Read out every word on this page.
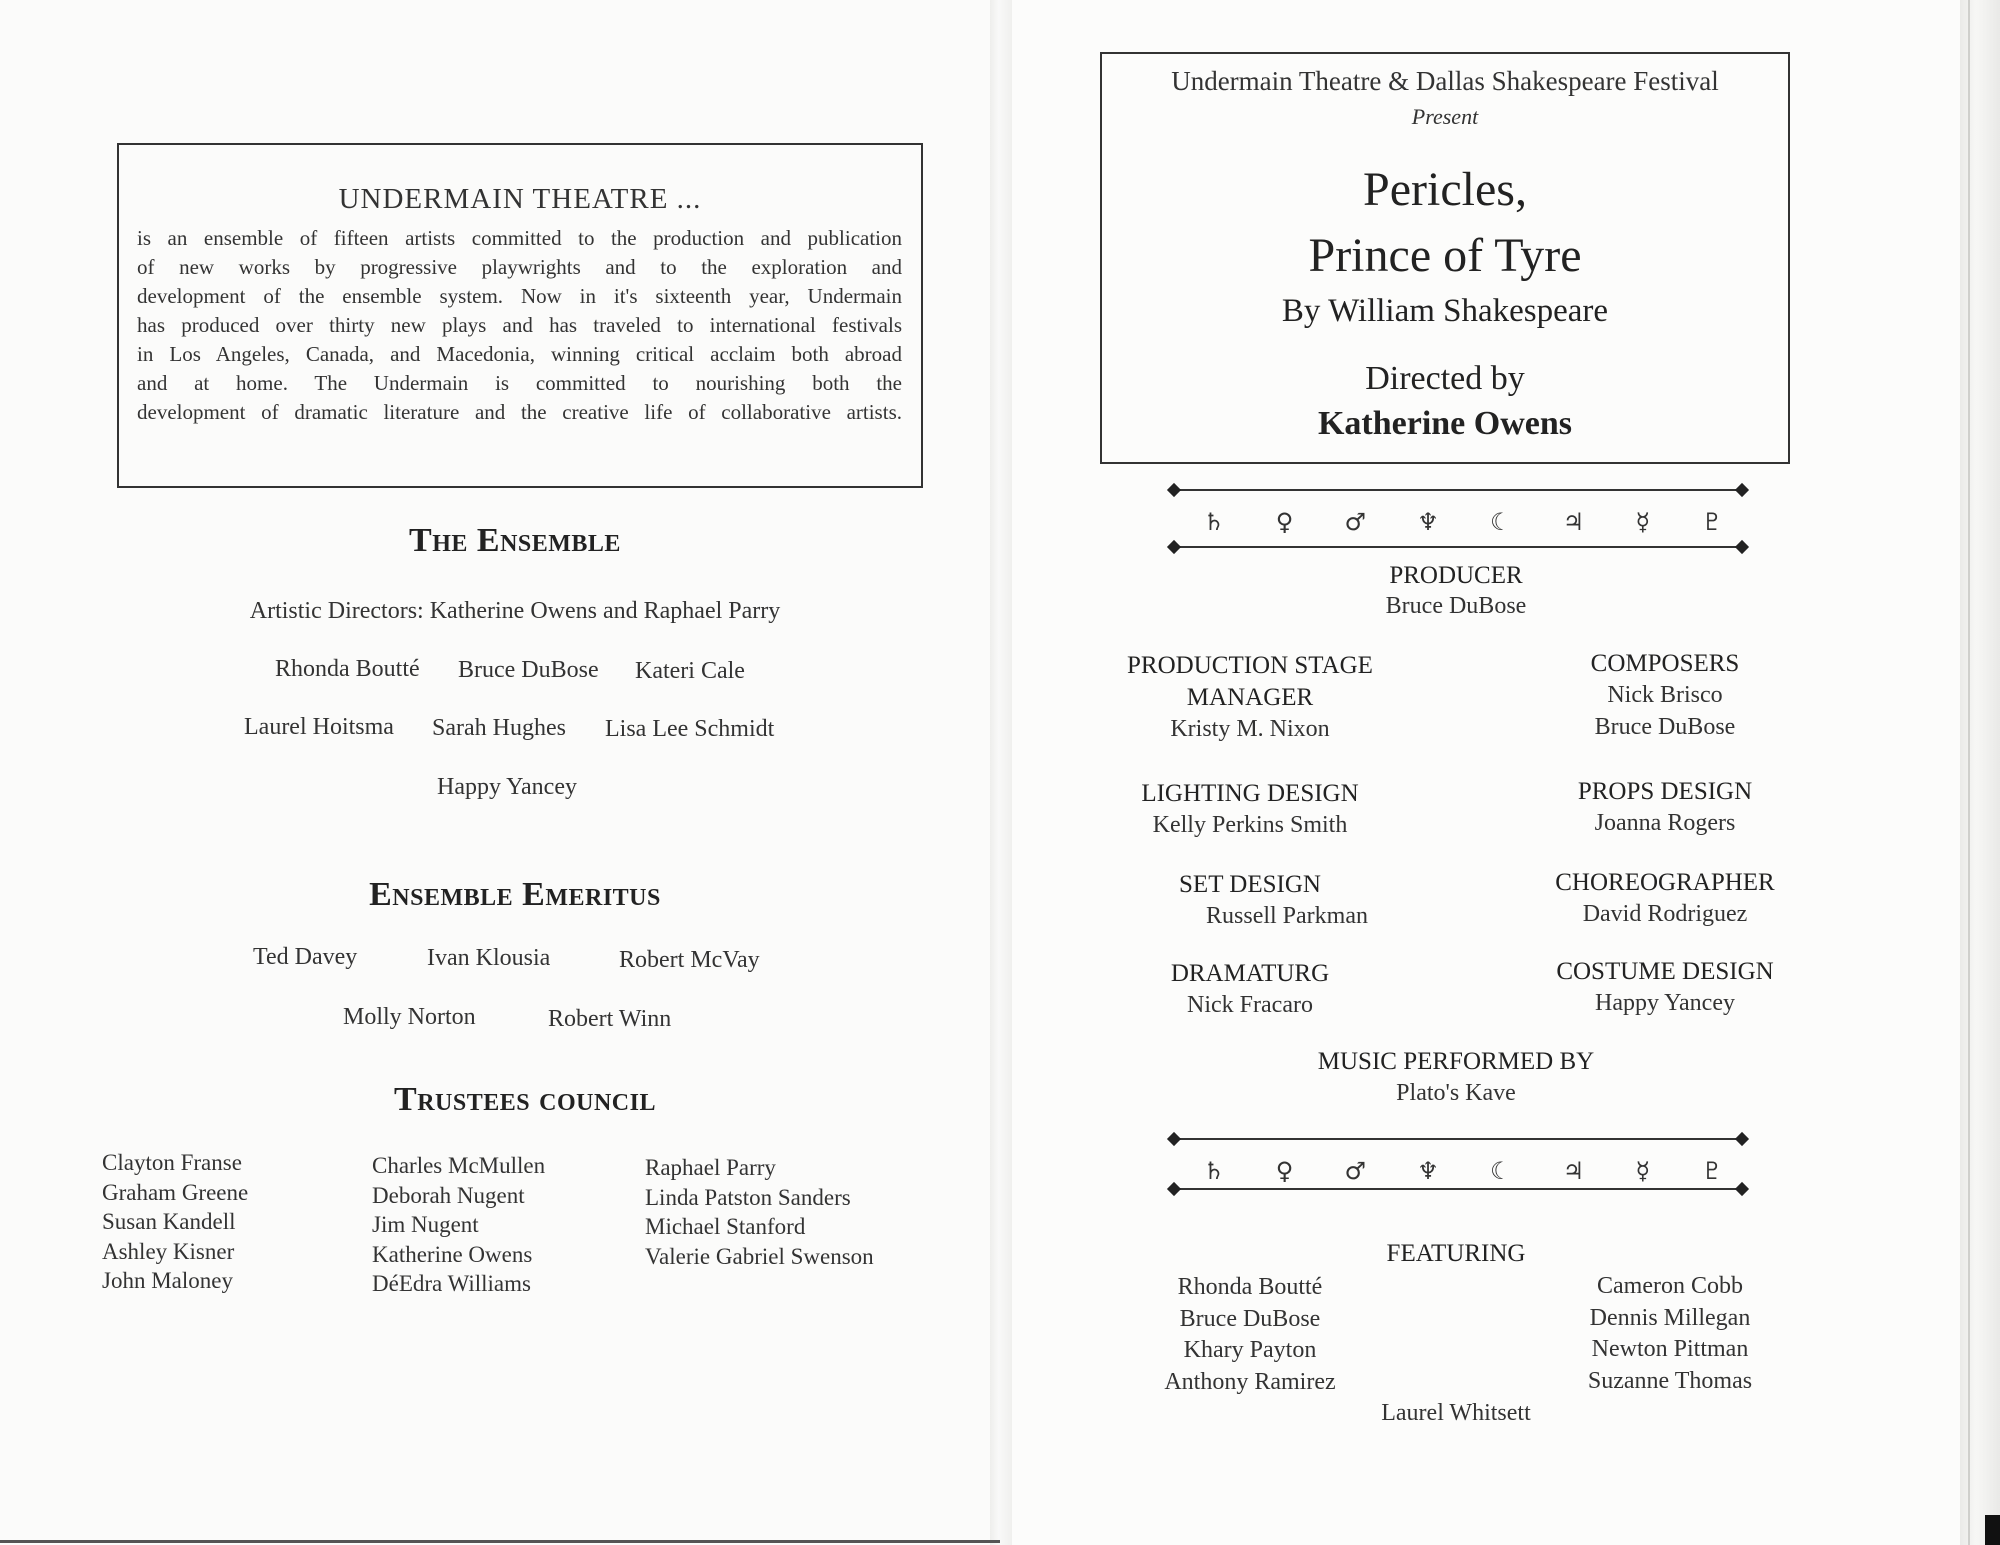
UNDERMAIN THEATRE ...
is an ensemble of fifteen artists committed to the production and publication
of new works by progressive playwrights and to the exploration and
development of the ensemble system. Now in it's sixteenth year, Undermain
has produced over thirty new plays and has traveled to international festivals
in Los Angeles, Canada, and Macedonia, winning critical acclaim both abroad
and at home. The Undermain is committed to nourishing both the
development of dramatic literature and the creative life of collaborative artists.
The Ensemble
Artistic Directors: Katherine Owens and Raphael Parry
Rhonda Boutté Bruce DuBose Kateri Cale
Laurel Hoitsma Sarah Hughes Lisa Lee Schmidt
Happy Yancey
Ensemble Emeritus
Ted Davey	Ivan Klousia	Robert McVay
Molly Norton	Robert Winn
Trustees council
Clayton Franse
Graham Greene
Susan Kandell
Ashley Kisner
John Maloney
Charles McMullen
Deborah Nugent
Jim Nugent
Katherine Owens
DéEdra Williams
Raphael Parry
Linda Patston Sanders
Michael Stanford
Valerie Gabriel Swenson
Undermain Theatre & Dallas Shakespeare Festival
Present
Pericles,
Prince of Tyre
By William Shakespeare
Directed by
Katherine Owens
♄ ♀ ♂ ♆ ☾ ♃ ☿ ♇
PRODUCER
Bruce DuBose
PRODUCTION STAGE
MANAGER
Kristy M. Nixon
COMPOSERS
Nick Brisco
Bruce DuBose
LIGHTING DESIGN
Kelly Perkins Smith
PROPS DESIGN
Joanna Rogers
SET DESIGN
Russell Parkman
CHOREOGRAPHER
David Rodriguez
DRAMATURG
Nick Fracaro
COSTUME DESIGN
Happy Yancey
MUSIC PERFORMED BY
Plato's Kave
♄ ♀ ♂ ♆ ☾ ♃ ☿ ♇
FEATURING
Rhonda Boutté
Bruce DuBose
Khary Payton
Anthony Ramirez
Cameron Cobb
Dennis Millegan
Newton Pittman
Suzanne Thomas
Laurel Whitsett
